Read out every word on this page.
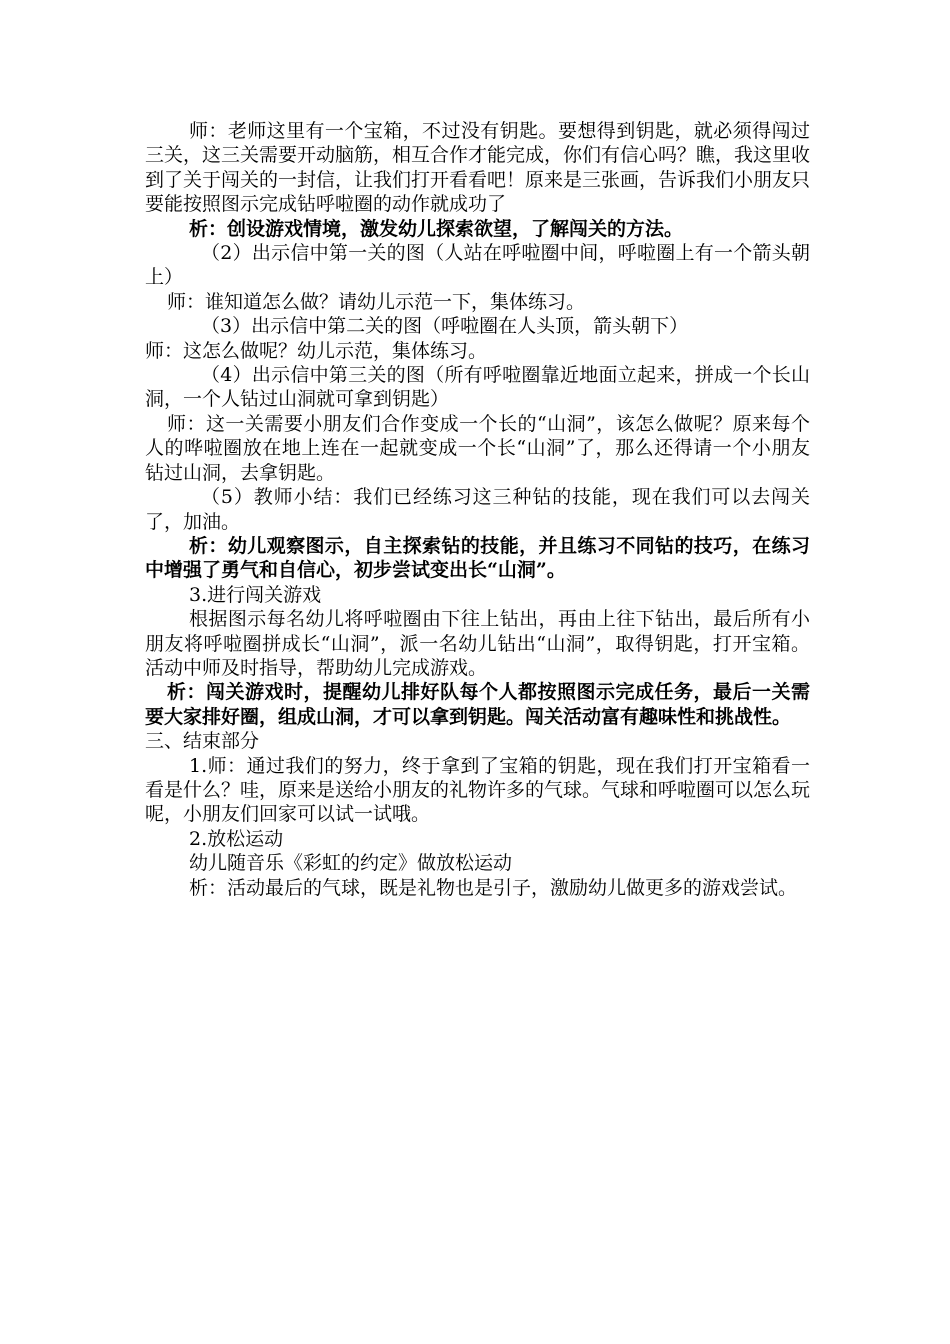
师：老师这里有一个宝箱，不过没有钥匙。要想得到钥匙，就必须得闯过三关，这三关需要开动脑筋，相互合作才能完成，你们有信心吗？瞧，我这里收到了关于闯关的一封信，让我们打开看看吧！原来是三张画，告诉我们小朋友只要能按照图示完成钻呼啦圈的动作就成功了

析：创设游戏情境，激发幼儿探索欲望，了解闯关的方法。

（2）出示信中第一关的图（人站在呼啦圈中间，呼啦圈上有一个箭头朝上）

师：谁知道怎么做？请幼儿示范一下，集体练习。

（3）出示信中第二关的图（呼啦圈在人头顶，箭头朝下）

师：这怎么做呢？幼儿示范，集体练习。

（4）出示信中第三关的图（所有呼啦圈靠近地面立起来，拼成一个长山洞，一个人钻过山洞就可拿到钥匙）

师：这一关需要小朋友们合作变成一个长的“山洞”，该怎么做呢？原来每个人的哗啦圈放在地上连在一起就变成一个长“山洞”了，那么还得请一个小朋友钻过山洞，去拿钥匙。

（5）教师小结：我们已经练习这三种钻的技能，现在我们可以去闯关了，加油。

析：幼儿观察图示，自主探索钻的技能，并且练习不同钻的技巧，在练习中增强了勇气和自信心，初步尝试变出长“山洞”。

3.进行闯关游戏

根据图示每名幼儿将呼啦圈由下往上钻出，再由上往下钻出，最后所有小朋友将呼啦圈拼成长“山洞”，派一名幼儿钻出“山洞”，取得钥匙，打开宝箱。活动中师及时指导，帮助幼儿完成游戏。

析：闯关游戏时，提醒幼儿排好队每个人都按照图示完成任务，最后一关需要大家排好圈，组成山洞，才可以拿到钥匙。闯关活动富有趣味性和挑战性。

三、结束部分

1.师：通过我们的努力，终于拿到了宝箱的钥匙，现在我们打开宝箱看一看是什么？哇，原来是送给小朋友的礼物许多的气球。气球和呼啦圈可以怎么玩呢，小朋友们回家可以试一试哦。

2.放松运动

幼儿随音乐《彩虹的约定》做放松运动

析：活动最后的气球，既是礼物也是引子，激励幼儿做更多的游戏尝试。
